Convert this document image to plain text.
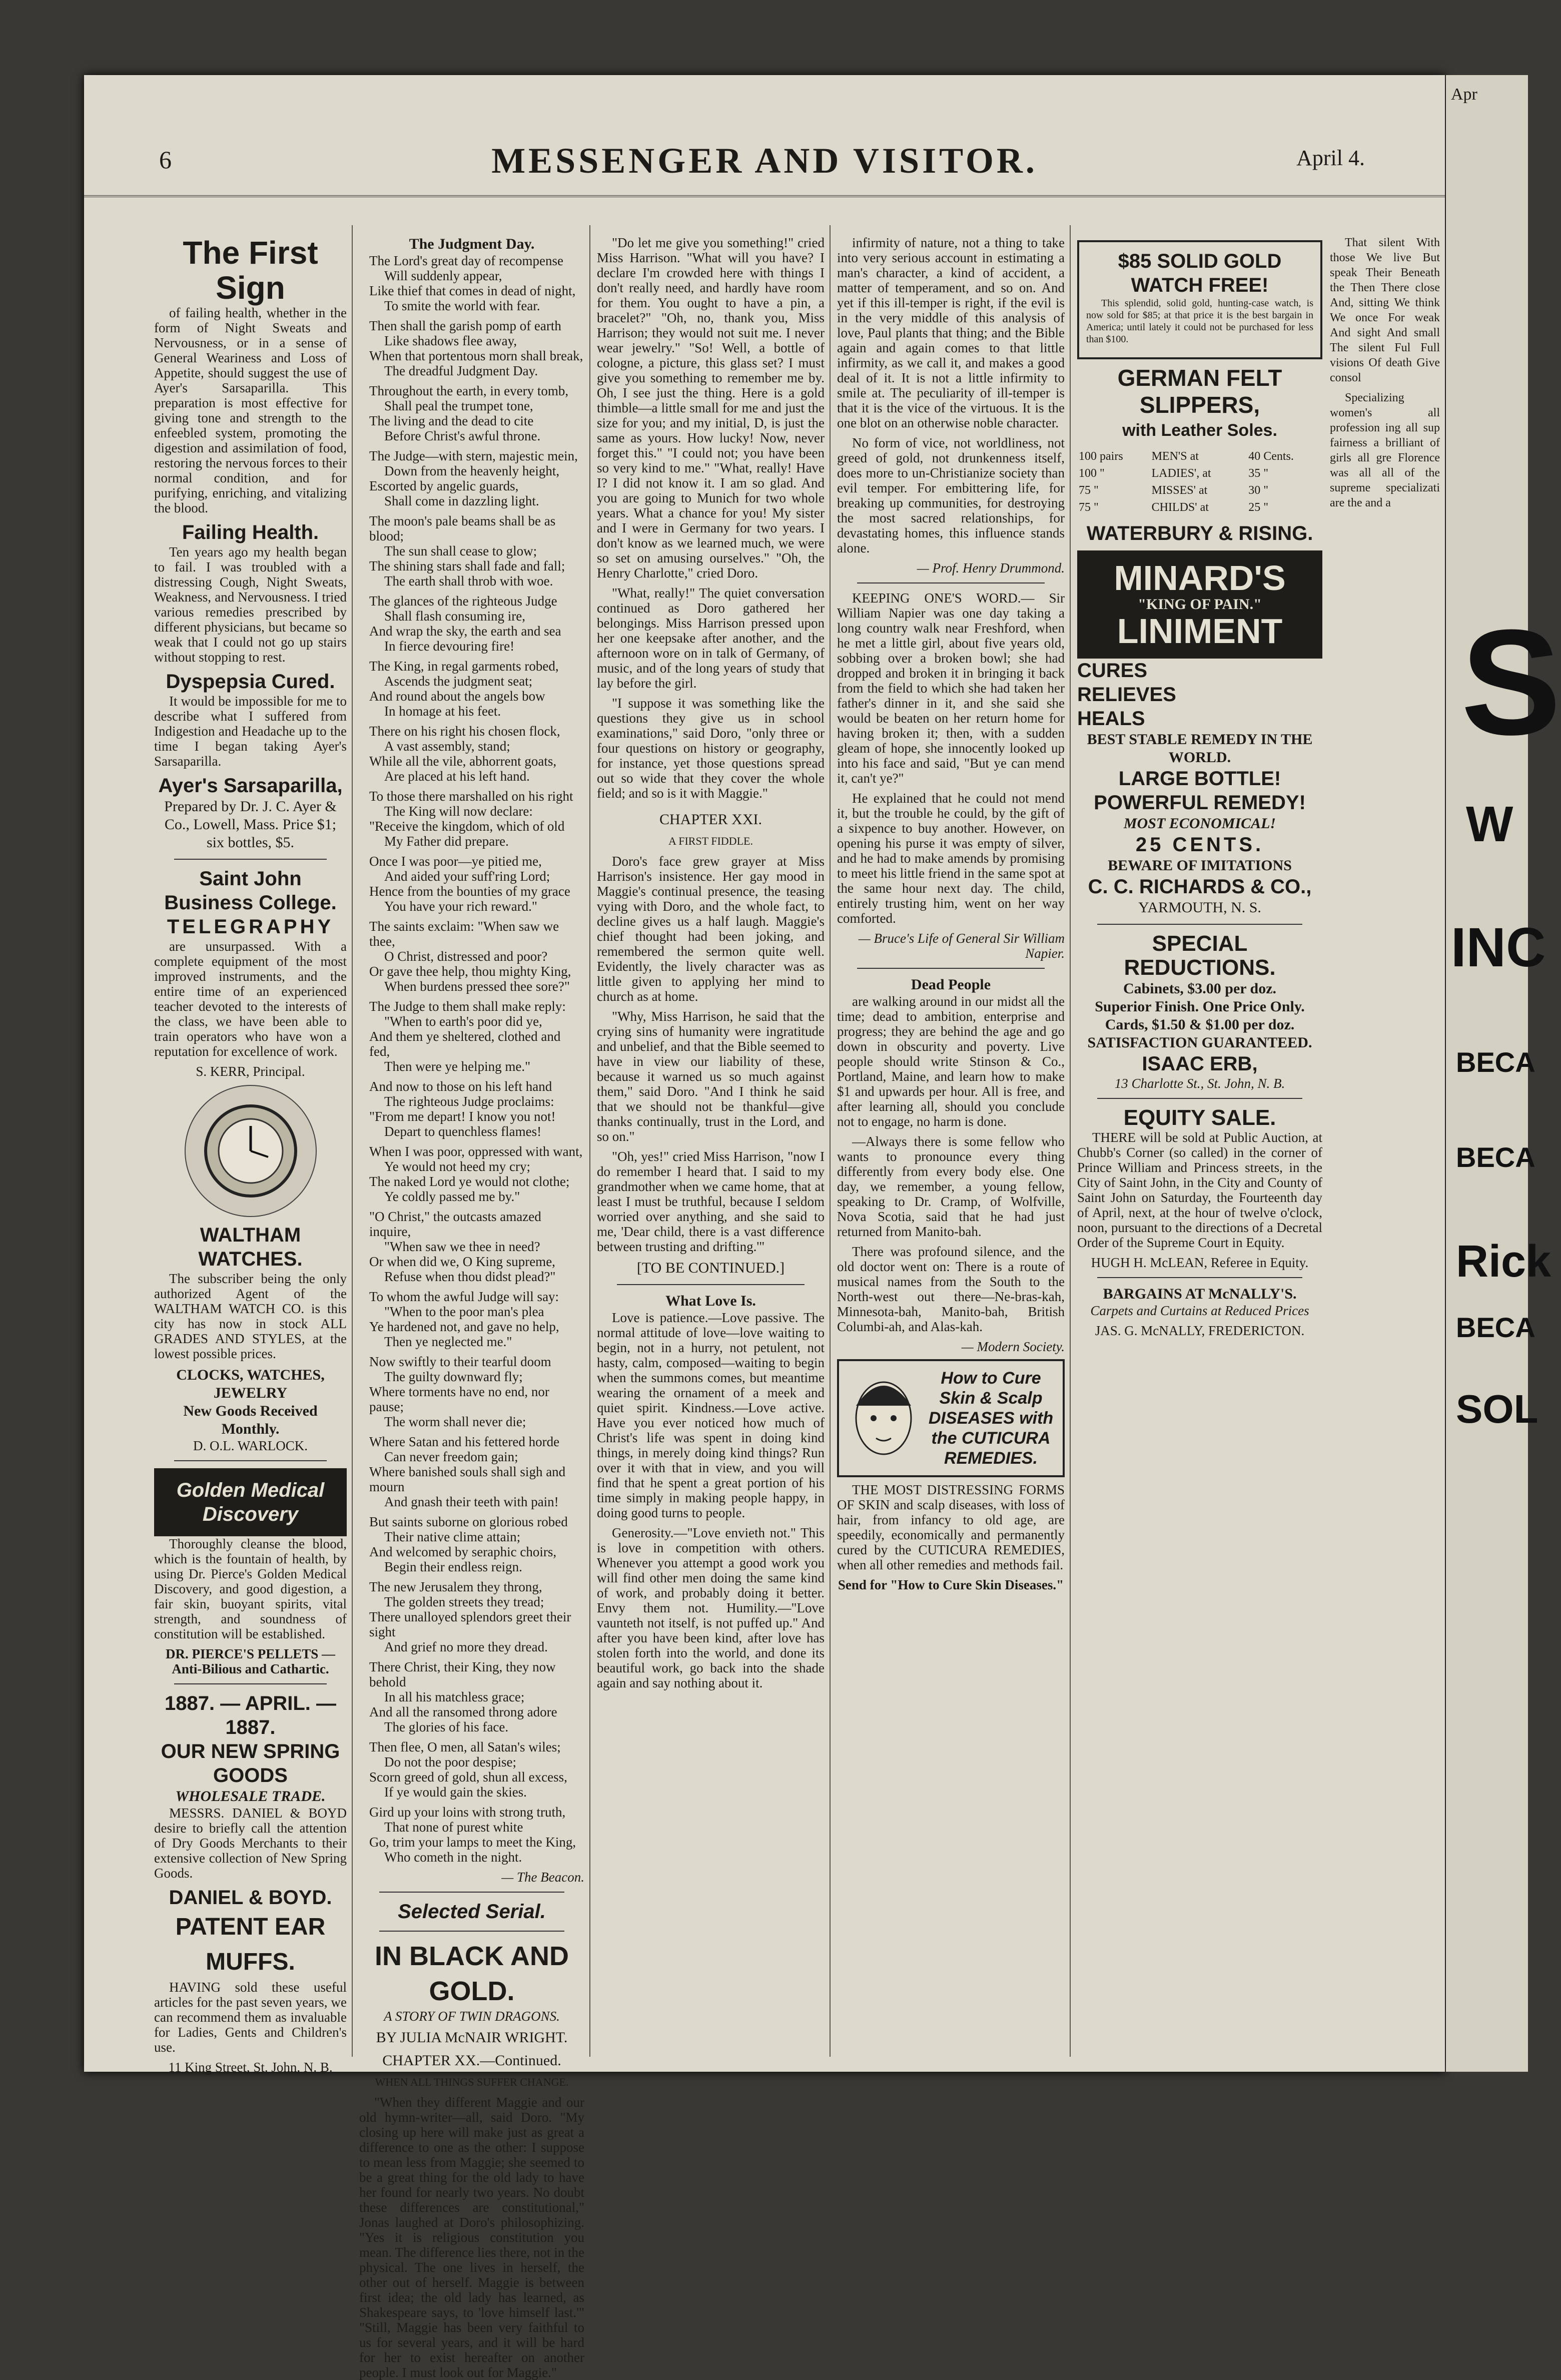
6	MESSENGER AND VISITOR.	April 4.
The First Sign

of failing health, whether in the form of Night Sweats and Nervousness, or in a sense of General Weariness and Loss of Appetite, should suggest the use of Ayer's Sarsaparilla. This preparation is most effective for giving tone and strength to the enfeebled system, promoting the digestion and assimilation of food, restoring the nervous forces to their normal condition, and for purifying, enriching, and vitalizing the blood.

Failing Health.

Ten years ago my health began to fail. I was troubled with a distressing Cough, Night Sweats, Weakness, and Nervousness. I tried various remedies prescribed by different physicians, but became so weak that I could not go up stairs without stopping to rest.

Dyspepsia Cured.

It would be impossible for me to describe what I suffered from Indigestion and Headache up to the time I began taking Ayer's Sarsaparilla.

Ayer's Sarsaparilla,

Prepared by Dr. J. C. Ayer & Co., Lowell, Mass. Price $1; six bottles, $5.

Saint John Business College.
TELEGRAPHY

are unsurpassed. With a complete equipment of the most improved instruments, and the entire time of an experienced teacher devoted to the interests of the class, we have been able to train operators who have won a reputation for excellence of work.

S. KERR, Principal.

WALTHAM WATCHES.

The subscriber being the only authorized Agent of the WALTHAM WATCH CO. is this city has now in stock ALL GRADES AND STYLES, at the lowest possible prices.

CLOCKS, WATCHES, JEWELRY
New Goods Received Monthly.

D. O.L. WARLOCK.

Golden Medical Discovery

Thoroughly cleanse the blood, which is the fountain of health, by using Dr. Pierce's Golden Medical Discovery, and good digestion, a fair skin, buoyant spirits, vital strength, and soundness of constitution will be established.

DR. PIERCE'S PELLETS — Anti-Bilious and Cathartic.

1887. — APRIL. — 1887.
OUR NEW SPRING GOODS
WHOLESALE TRADE.

MESSRS. DANIEL & BOYD desire to briefly call the attention of Dry Goods Merchants to their extensive collection of New Spring Goods.

DANIEL & BOYD.
PATENT EAR MUFFS.

HAVING sold these useful articles for the past seven years, we can recommend them as invaluable for Ladies, Gents and Children's use.

11 King Street, St. John, N. B.

The Judgment Day.
The Lord's great day of recompense
Will suddenly appear,
Like thief that comes in dead of night,
To smite the world with fear.
Then shall the garish pomp of earth
Like shadows flee away,
When that portentous morn shall break,
The dreadful Judgment Day.
Throughout the earth, in every tomb,
Shall peal the trumpet tone,
The living and the dead to cite
Before Christ's awful throne.
The Judge—with stern, majestic mein,
Down from the heavenly height,
Escorted by angelic guards,
Shall come in dazzling light.
The moon's pale beams shall be as blood;
The sun shall cease to glow;
The shining stars shall fade and fall;
The earth shall throb with woe.
The glances of the righteous Judge
Shall flash consuming ire,
And wrap the sky, the earth and sea
In fierce devouring fire!
The King, in regal garments robed,
Ascends the judgment seat;
And round about the angels bow
In homage at his feet.
There on his right his chosen flock,
A vast assembly, stand;
While all the vile, abhorrent goats,
Are placed at his left hand.
To those there marshalled on his right
The King will now declare:
"Receive the kingdom, which of old
My Father did prepare.
Once I was poor—ye pitied me,
And aided your suff'ring Lord;
Hence from the bounties of my grace
You have your rich reward."
The saints exclaim: "When saw we thee,
O Christ, distressed and poor?
Or gave thee help, thou mighty King,
When burdens pressed thee sore?"
The Judge to them shall make reply:
"When to earth's poor did ye,
And them ye sheltered, clothed and fed,
Then were ye helping me."
And now to those on his left hand
The righteous Judge proclaims:
"From me depart! I know you not!
Depart to quenchless flames!
When I was poor, oppressed with want,
Ye would not heed my cry;
The naked Lord ye would not clothe;
Ye coldly passed me by."
"O Christ," the outcasts amazed inquire,
"When saw we thee in need?
Or when did we, O King supreme,
Refuse when thou didst plead?"
To whom the awful Judge will say:
"When to the poor man's plea
Ye hardened not, and gave no help,
Then ye neglected me."
Now swiftly to their tearful doom
The guilty downward fly;
Where torments have no end, nor pause;
The worm shall never die;
Where Satan and his fettered horde
Can never freedom gain;
Where banished souls shall sigh and mourn
And gnash their teeth with pain!
But saints suborne on glorious robed
Their native clime attain;
And welcomed by seraphic choirs,
Begin their endless reign.
The new Jerusalem they throng,
The golden streets they tread;
There unalloyed splendors greet their sight
And grief no more they dread.
There Christ, their King, they now behold
In all his matchless grace;
And all the ransomed throng adore
The glories of his face.
Then flee, O men, all Satan's wiles;
Do not the poor despise;
Scorn greed of gold, shun all excess,
If ye would gain the skies.
Gird up your loins with strong truth,
That none of purest white
Go, trim your lamps to meet the King,
Who cometh in the night.

— The Beacon.

Selected Serial.
IN BLACK AND GOLD.

A STORY OF TWIN DRAGONS.

BY JULIA McNAIR WRIGHT.

CHAPTER XX.—Continued.

WHEN ALL THINGS SUFFER CHANGE.

"When they different Maggie and our old hymn-writer—all, said Doro. "My closing up here will make just as great a difference to one as the other: I suppose to mean less from Maggie; she seemed to be a great thing for the old lady to have her found for nearly two years. No doubt these differences are constitutional," Jonas laughed at Doro's philosophizing. "Yes it is religious constitution you mean. The difference lies there, not in the physical. The one lives in herself, the other out of herself. Maggie is between first idea; the old lady has learned, as Shakespeare says, to 'love himself last.'" "Still, Maggie has been very faithful to us for several years, and it will be hard for her to exist hereafter on another people. I must look out for Maggie."

"Do let me give you something!" cried Miss Harrison. "What will you have? I declare I'm crowded here with things I don't really need, and hardly have room for them. You ought to have a pin, a bracelet?" "Oh, no, thank you, Miss Harrison; they would not suit me. I never wear jewelry." "So! Well, a bottle of cologne, a picture, this glass set? I must give you something to remember me by. Oh, I see just the thing. Here is a gold thimble—a little small for me and just the size for you; and my initial, D, is just the same as yours. How lucky! Now, never forget this." "I could not; you have been so very kind to me." "What, really! Have I? I did not know it. I am so glad. And you are going to Munich for two whole years. What a chance for you! My sister and I were in Germany for two years. I don't know as we learned much, we were so set on amusing ourselves." "Oh, the Henry Charlotte," cried Doro.

"What, really!" The quiet conversation continued as Doro gathered her belongings. Miss Harrison pressed upon her one keepsake after another, and the afternoon wore on in talk of Germany, of music, and of the long years of study that lay before the girl.

"I suppose it was something like the questions they give us in school examinations," said Doro, "only three or four questions on history or geography, for instance, yet those questions spread out so wide that they cover the whole field; and so is it with Maggie."

CHAPTER XXI.

A FIRST FIDDLE.

Doro's face grew grayer at Miss Harrison's insistence. Her gay mood in Maggie's continual presence, the teasing vying with Doro, and the whole fact, to decline gives us a half laugh. Maggie's chief thought had been joking, and remembered the sermon quite well. Evidently, the lively character was as little given to applying her mind to church as at home.

"Why, Miss Harrison, he said that the crying sins of humanity were ingratitude and unbelief, and that the Bible seemed to have in view our liability of these, because it warned us so much against them," said Doro. "And I think he said that we should not be thankful—give thanks continually, trust in the Lord, and so on."

"Oh, yes!" cried Miss Harrison, "now I do remember I heard that. I said to my grandmother when we came home, that at least I must be truthful, because I seldom worried over anything, and she said to me, 'Dear child, there is a vast difference between trusting and drifting.'"

[TO BE CONTINUED.]

What Love Is.

Love is patience.—Love passive. The normal attitude of love—love waiting to begin, not in a hurry, not petulent, not hasty, calm, composed—waiting to begin when the summons comes, but meantime wearing the ornament of a meek and quiet spirit. Kindness.—Love active. Have you ever noticed how much of Christ's life was spent in doing kind things, in merely doing kind things? Run over it with that in view, and you will find that he spent a great portion of his time simply in making people happy, in doing good turns to people.

Generosity.—"Love envieth not." This is love in competition with others. Whenever you attempt a good work you will find other men doing the same kind of work, and probably doing it better. Envy them not. Humility.—"Love vaunteth not itself, is not puffed up." And after you have been kind, after love has stolen forth into the world, and done its beautiful work, go back into the shade again and say nothing about it.

infirmity of nature, not a thing to take into very serious account in estimating a man's character, a kind of accident, a matter of temperament, and so on. And yet if this ill-temper is right, if the evil is in the very middle of this analysis of love, Paul plants that thing; and the Bible again and again comes to that little infirmity, as we call it, and makes a good deal of it. It is not a little infirmity to smile at. The peculiarity of ill-temper is that it is the vice of the virtuous. It is the one blot on an otherwise noble character.

No form of vice, not worldliness, not greed of gold, not drunkenness itself, does more to un-Christianize society than evil temper. For embittering life, for breaking up communities, for destroying the most sacred relationships, for devastating homes, this influence stands alone.

— Prof. Henry Drummond.

KEEPING ONE'S WORD.— Sir William Napier was one day taking a long country walk near Freshford, when he met a little girl, about five years old, sobbing over a broken bowl; she had dropped and broken it in bringing it back from the field to which she had taken her father's dinner in it, and she said she would be beaten on her return home for having broken it; then, with a sudden gleam of hope, she innocently looked up into his face and said, "But ye can mend it, can't ye?"

He explained that he could not mend it, but the trouble he could, by the gift of a sixpence to buy another. However, on opening his purse it was empty of silver, and he had to make amends by promising to meet his little friend in the same spot at the same hour next day. The child, entirely trusting him, went on her way comforted.

— Bruce's Life of General Sir William Napier.

Dead People

are walking around in our midst all the time; dead to ambition, enterprise and progress; they are behind the age and go down in obscurity and poverty. Live people should write Stinson & Co., Portland, Maine, and learn how to make $1 and upwards per hour. All is free, and after learning all, should you conclude not to engage, no harm is done.

—Always there is some fellow who wants to pronounce every thing differently from every body else. One day, we remember, a young fellow, speaking to Dr. Cramp, of Wolfville, Nova Scotia, said that he had just returned from Manito-bah.

There was profound silence, and the old doctor went on: There is a route of musical names from the South to the North-west out there—Ne-bras-kah, Minnesota-bah, Manito-bah, British Columbi-ah, and Alas-kah.

— Modern Society.

How to Cure Skin & Scalp DISEASES with the CUTICURA REMEDIES.

THE MOST DISTRESSING FORMS OF SKIN and scalp diseases, with loss of hair, from infancy to old age, are speedily, economically and permanently cured by the CUTICURA REMEDIES, when all other remedies and methods fail.

Send for "How to Cure Skin Diseases."

$85 SOLID GOLD WATCH FREE!

This splendid, solid gold, hunting-case watch, is now sold for $85; at that price it is the best bargain in America; until lately it could not be purchased for less than $100.

GERMAN FELT SLIPPERS,
with Leather Soles.
100 pairs	MEN'S at	40 Cents.
100 "	LADIES', at	35 "
75 "	MISSES' at	30 "
75 "	CHILDS' at	25 "
WATERBURY & RISING.
MINARD'S
"KING OF PAIN."
LINIMENT
CURES
RELIEVES
HEALS
BEST STABLE REMEDY IN THE WORLD.
LARGE BOTTLE!
POWERFUL REMEDY!
MOST ECONOMICAL!
25 CENTS.
BEWARE OF IMITATIONS
C. C. RICHARDS & CO.,

YARMOUTH, N. S.

SPECIAL REDUCTIONS.
Cabinets, $3.00 per doz.
Superior Finish. One Price Only.
Cards, $1.50 & $1.00 per doz.
SATISFACTION GUARANTEED.
ISAAC ERB,

13 Charlotte St., St. John, N. B.

EQUITY SALE.

THERE will be sold at Public Auction, at Chubb's Corner (so called) in the corner of Prince William and Princess streets, in the City of Saint John, in the City and County of Saint John on Saturday, the Fourteenth day of April, next, at the hour of twelve o'clock, noon, pursuant to the directions of a Decretal Order of the Supreme Court in Equity.

HUGH H. McLEAN, Referee in Equity.

BARGAINS AT McNALLY'S.

Carpets and Curtains at Reduced Prices

JAS. G. McNALLY, FREDERICTON.

That silent With those We live But speak Their Beneath the Then There close And, sitting We think We once For weak And sight And small The silent Ful Full visions Of death Give consol

Specializing women's all profession ing all sup fairness a brilliant of girls all gre Florence was all all of the supreme specializati are the and a

Apr
S
W
INC
BECA
BECA
Rick
BECA
SOL
